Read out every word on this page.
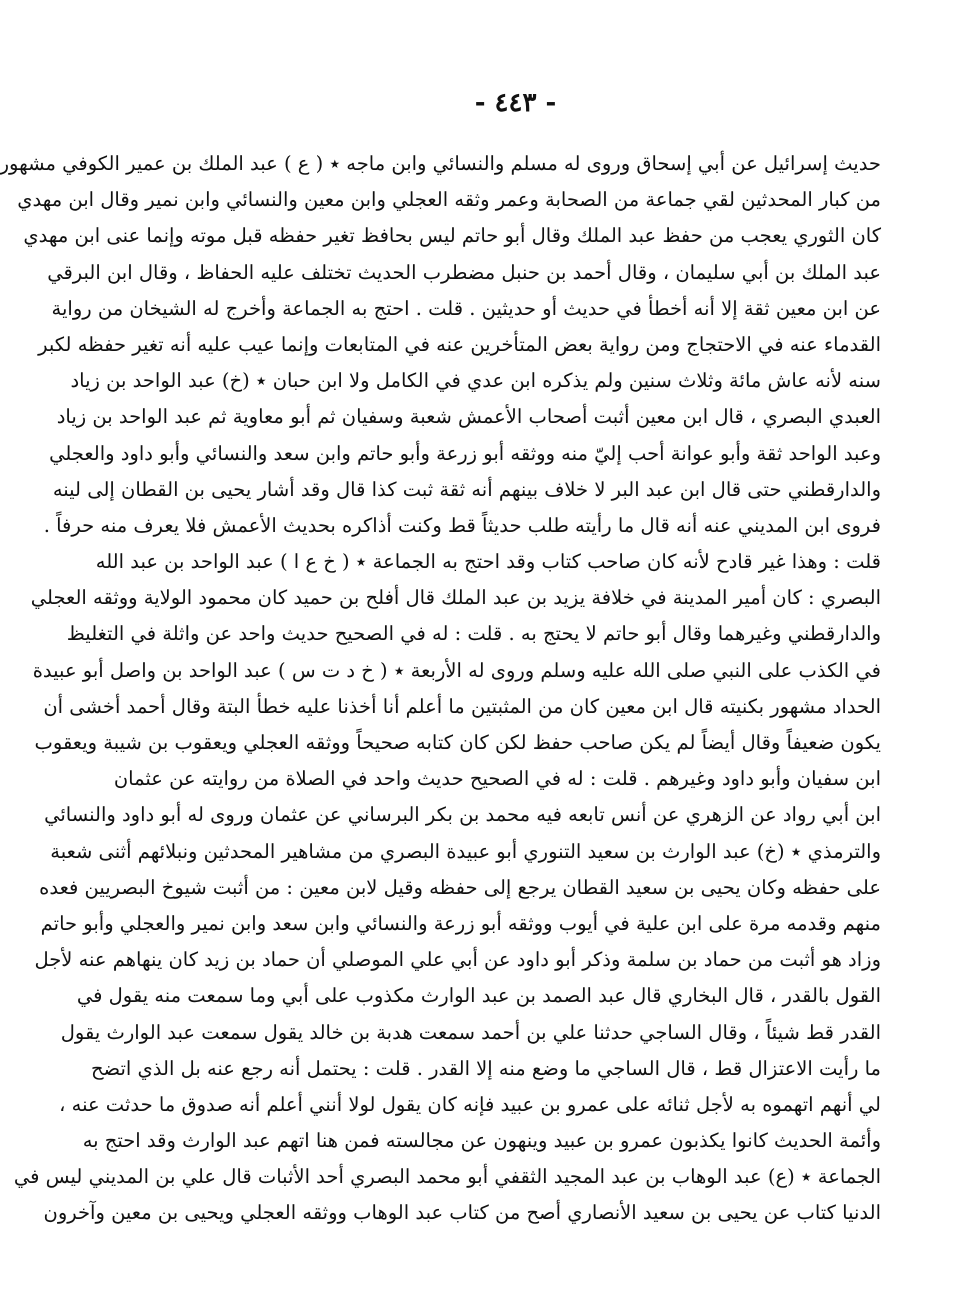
- ٤٤٣ -
حديث إسرائيل عن أبي إسحاق وروى له مسلم والنسائي وابن ماجه ٭ ( ع ) عبد الملك بن عمير الكوفي مشهور
من كبار المحدثين لقي جماعة من الصحابة وعمر وثقه العجلي وابن معين والنسائي وابن نمير وقال ابن مهدي
كان الثوري يعجب من حفظ عبد الملك وقال أبو حاتم ليس بحافظ تغير حفظه قبل موته وإنما عنى ابن مهدي
عبد الملك بن أبي سليمان ، وقال أحمد بن حنبل مضطرب الحديث تختلف عليه الحفاظ ، وقال ابن البرقي
عن ابن معين ثقة إلا أنه أخطأ في حديث أو حديثين . قلت . احتج به الجماعة وأخرج له الشيخان من رواية
القدماء عنه في الاحتجاج ومن رواية بعض المتأخرين عنه في المتابعات وإنما عيب عليه أنه تغير حفظه لكبر
سنه لأنه عاش مائة وثلاث سنين ولم يذكره ابن عدي في الكامل ولا ابن حبان ٭ (خ) عبد الواحد بن زياد
العبدي البصري ، قال ابن معين أثبت أصحاب الأعمش شعبة وسفيان ثم أبو معاوية ثم عبد الواحد بن زياد
وعبد الواحد ثقة وأبو عوانة أحب إليّ منه ووثقه أبو زرعة وأبو حاتم وابن سعد والنسائي وأبو داود والعجلي
والدارقطني حتى قال ابن عبد البر لا خلاف بينهم أنه ثقة ثبت كذا قال وقد أشار يحيى بن القطان إلى لينه
فروى ابن المديني عنه أنه قال ما رأيته طلب حديثاً قط وكنت أذاكره بحديث الأعمش فلا يعرف منه حرفاً .
قلت : وهذا غير قادح لأنه كان صاحب كتاب وقد احتج به الجماعة ٭ ( خ ع ا ) عبد الواحد بن عبد الله
البصري : كان أمير المدينة في خلافة يزيد بن عبد الملك قال أفلح بن حميد كان محمود الولاية ووثقه العجلي
والدارقطني وغيرهما وقال أبو حاتم لا يحتج به . قلت : له في الصحيح حديث واحد عن واثلة في التغليظ
في الكذب على النبي صلى الله عليه وسلم وروى له الأربعة ٭ ( خ د ت س ) عبد الواحد بن واصل أبو عبيدة
الحداد مشهور بكنيته قال ابن معين كان من المثبتين ما أعلم أنا أخذنا عليه خطأ البتة وقال أحمد أخشى أن
يكون ضعيفاً وقال أيضاً لم يكن صاحب حفظ لكن كان كتابه صحيحاً ووثقه العجلي ويعقوب بن شيبة ويعقوب
ابن سفيان وأبو داود وغيرهم . قلت : له في الصحيح حديث واحد في الصلاة من روايته عن عثمان
ابن أبي رواد عن الزهري عن أنس تابعه فيه محمد بن بكر البرساني عن عثمان وروى له أبو داود والنسائي
والترمذي ٭ (خ) عبد الوارث بن سعيد التنوري أبو عبيدة البصري من مشاهير المحدثين ونبلائهم أثنى شعبة
على حفظه وكان يحيى بن سعيد القطان يرجع إلى حفظه وقيل لابن معين : من أثبت شيوخ البصريين فعده
منهم وقدمه مرة على ابن علية في أيوب ووثقه أبو زرعة والنسائي وابن سعد وابن نمير والعجلي وأبو حاتم
وزاد هو أثبت من حماد بن سلمة وذكر أبو داود عن أبي علي الموصلي أن حماد بن زيد كان ينهاهم عنه لأجل
القول بالقدر ، قال البخاري قال عبد الصمد بن عبد الوارث مكذوب على أبي وما سمعت منه يقول في
القدر قط شيئاً ، وقال الساجي حدثنا علي بن أحمد سمعت هدبة بن خالد يقول سمعت عبد الوارث يقول
ما رأيت الاعتزال قط ، قال الساجي ما وضع منه إلا القدر . قلت : يحتمل أنه رجع عنه بل الذي اتضح
لي أنهم اتهموه به لأجل ثنائه على عمرو بن عبيد فإنه كان يقول لولا أنني أعلم أنه صدوق ما حدثت عنه ،
وأئمة الحديث كانوا يكذبون عمرو بن عبيد وينهون عن مجالسته فمن هنا اتهم عبد الوارث وقد احتج به
الجماعة ٭ (ع) عبد الوهاب بن عبد المجيد الثقفي أبو محمد البصري أحد الأثبات قال علي بن المديني ليس في
الدنيا كتاب عن يحيى بن سعيد الأنصاري أصح من كتاب عبد الوهاب ووثقه العجلي ويحيى بن معين وآخرون
